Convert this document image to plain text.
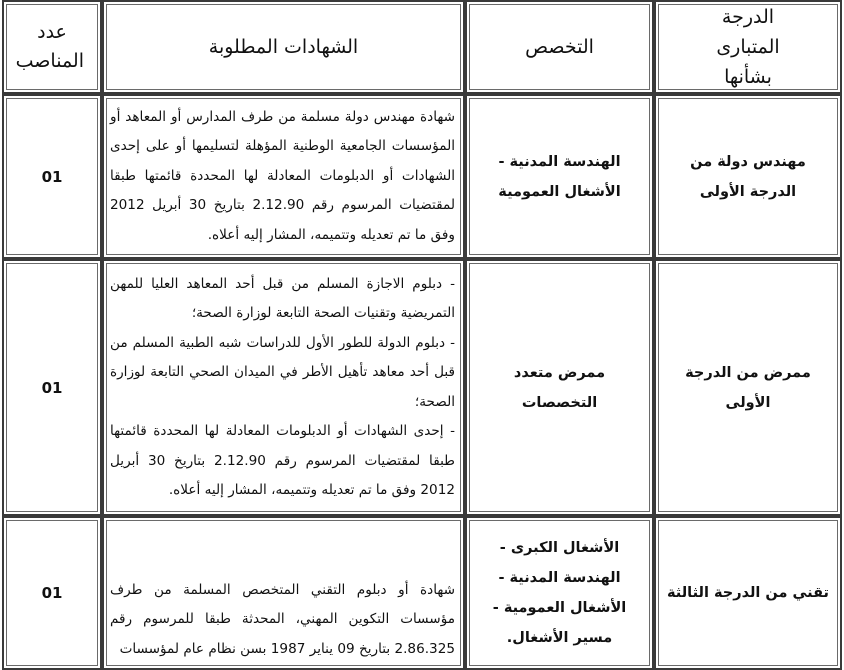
الدرجة المتبارى بشأنها	التخصص	الشهادات المطلوبة	عدد المناصب
مهندس دولة من الدرجة الأولى	الهندسة المدنية - الأشغال العمومية	شهادة مهندس دولة مسلمة من طرف المدارس أو المعاهد أو المؤسسات الجامعية الوطنية المؤهلة لتسليمها أو على إحدى الشهادات أو الدبلومات المعادلة لها المحددة قائمتها طبقا لمقتضيات المرسوم رقم 2.12.90 بتاريخ 30 أبريل 2012 وفق ما تم تعديله وتتميمه، المشار إليه أعلاه.	01
ممرض من الدرجة الأولى	ممرض متعدد التخصصات	- دبلوم الاجازة المسلم من قبل أحد المعاهد العليا للمهن التمريضية وتقنيات الصحة التابعة لوزارة الصحة؛

- دبلوم الدولة للطور الأول للدراسات شبه الطبية المسلم من قبل أحد معاهد تأهيل الأطر في الميدان الصحي التابعة لوزارة الصحة؛

- إحدى الشهادات أو الدبلومات المعادلة لها المحددة قائمتها طبقا لمقتضيات المرسوم رقم 2.12.90 بتاريخ 30 أبريل 2012 وفق ما تم تعديله وتتميمه، المشار إليه أعلاه.	01
تقني من الدرجة الثالثة	الأشغال الكبرى - الهندسة المدنية - الأشغال العمومية - مسير الأشغال.	شهادة أو دبلوم التقني المتخصص المسلمة من طرف مؤسسات التكوين المهني، المحدثة طبقا للمرسوم رقم 2.86.325 بتاريخ 09 يناير 1987 بسن نظام عام لمؤسسات	01
